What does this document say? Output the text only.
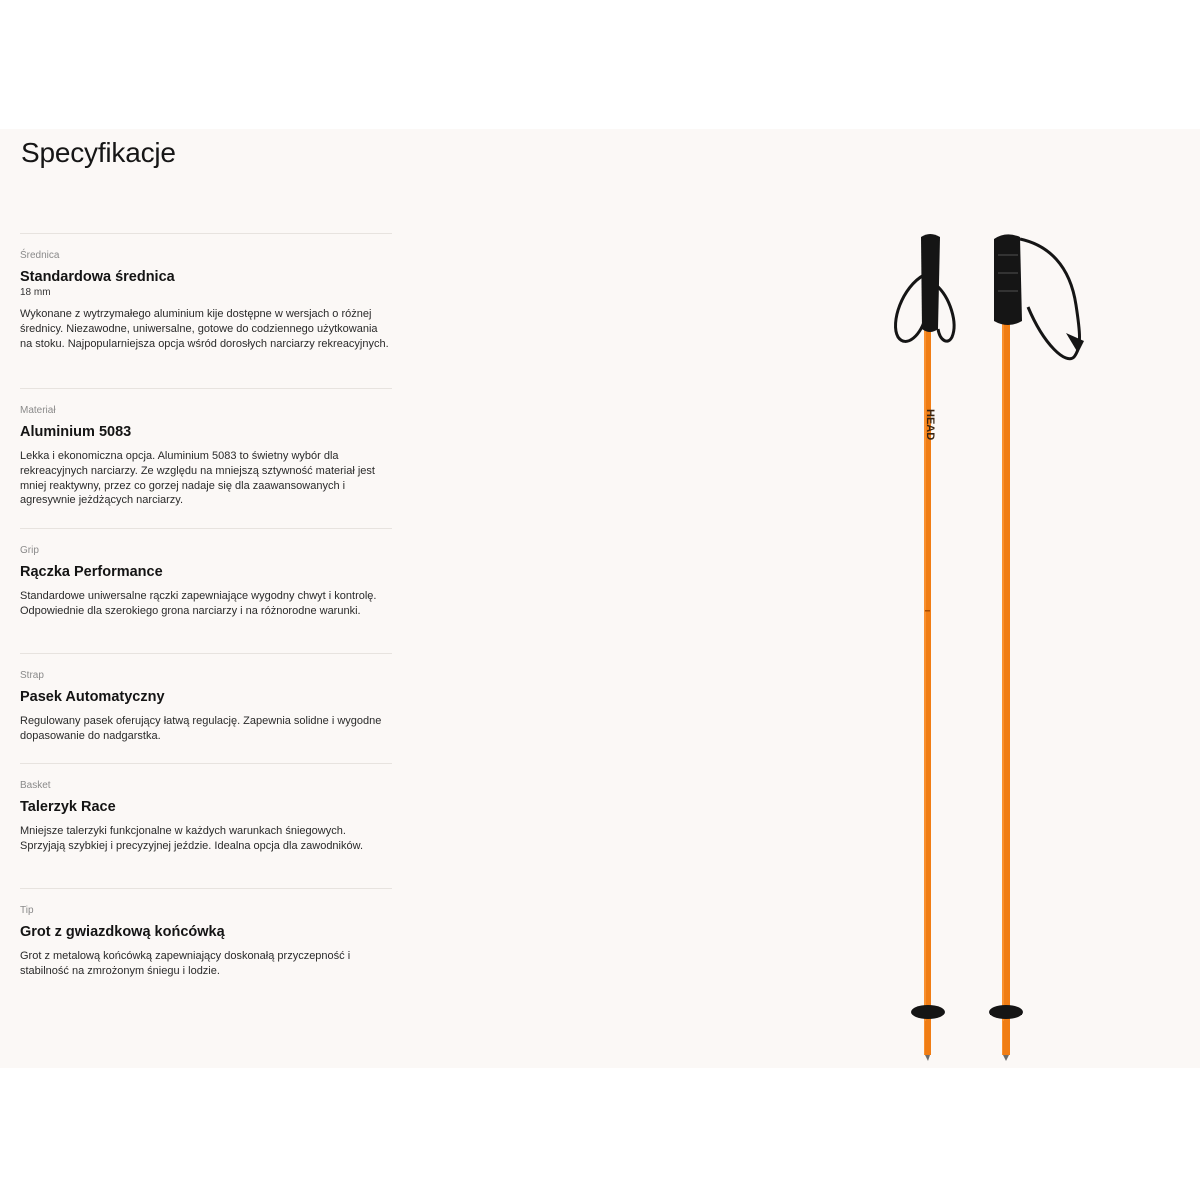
Specyfikacje
Średnica
Standardowa średnica
18 mm
Wykonane z wytrzymałego aluminium kije dostępne w wersjach o różnej średnicy. Niezawodne, uniwersalne, gotowe do codziennego użytkowania na stoku. Najpopularniejsza opcja wśród dorosłych narciarzy rekreacyjnych.
Materiał
Aluminium 5083
Lekka i ekonomiczna opcja. Aluminium 5083 to świetny wybór dla rekreacyjnych narciarzy. Ze względu na mniejszą sztywność materiał jest mniej reaktywny, przez co gorzej nadaje się dla zaawansowanych i agresywnie jeżdżących narciarzy.
Grip
Rączka Performance
Standardowe uniwersalne rączki zapewniające wygodny chwyt i kontrolę. Odpowiednie dla szerokiego grona narciarzy i na różnorodne warunki.
Strap
Pasek Automatyczny
Regulowany pasek oferujący łatwą regulację. Zapewnia solidne i wygodne dopasowanie do nadgarstka.
Basket
Talerzyk Race
Mniejsze talerzyki funkcjonalne w każdych warunkach śniegowych. Sprzyjają szybkiej i precyzyjnej jeździe. Idealna opcja dla zawodników.
Tip
Grot z gwiazdkową końcówką
Grot z metalową końcówką zapewniający doskonałą przyczepność i stabilność na zmrożonym śniegu i lodzie.
HEAD
